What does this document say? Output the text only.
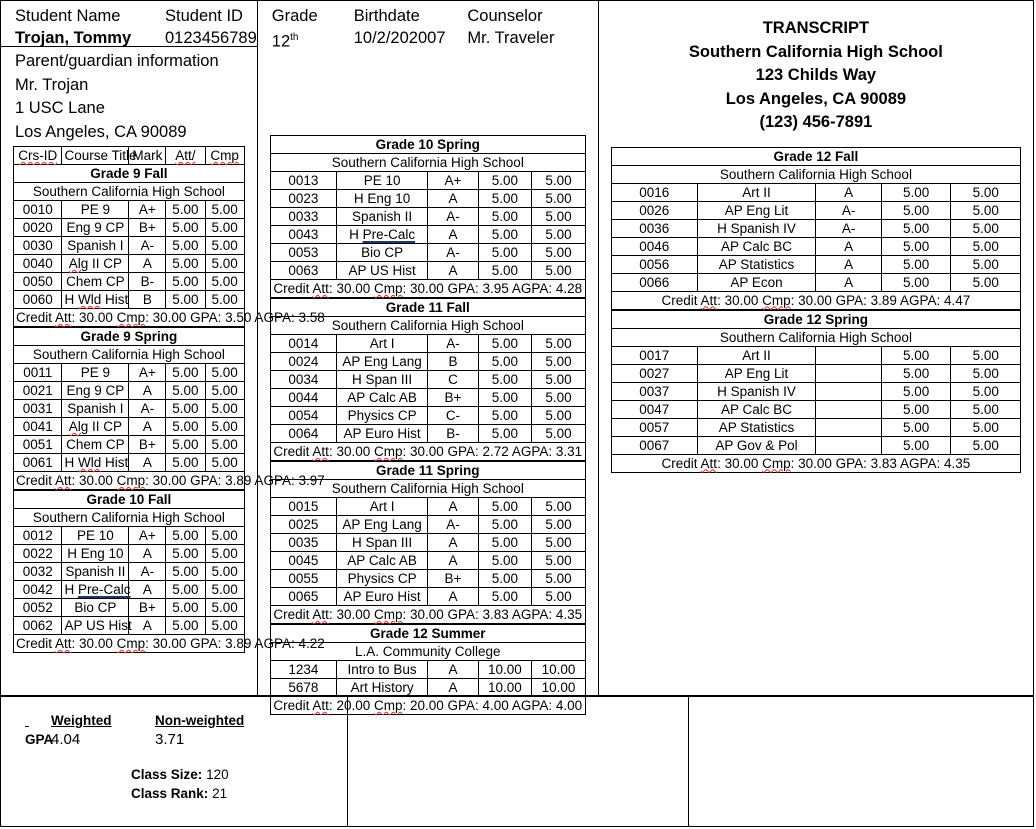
Student Name	Student ID
Trojan, Tommy	0123456789
Parent/guardian information
Mr. Trojan
1 USC Lane
Los Angeles, CA 90089
Crs-ID	Course Title	Mark	Att/	Cmp
Grade 9 Fall				
Southern California High School				
0010	PE 9	A+	5.00	5.00
0020	Eng 9 CP	B+	5.00	5.00
0030	Spanish I	A-	5.00	5.00
0040	Alg II CP	A	5.00	5.00
0050	Chem CP	B-	5.00	5.00
0060	H Wld Hist	B	5.00	5.00
Credit Att: 30.00 Cmp: 30.00 GPA: 3.50 AGPA: 3.58				
Grade 9 Spring				
Southern California High School				
0011	PE 9	A+	5.00	5.00
0021	Eng 9 CP	A	5.00	5.00
0031	Spanish I	A-	5.00	5.00
0041	Alg II CP	A	5.00	5.00
0051	Chem CP	B+	5.00	5.00
0061	H Wld Hist	A	5.00	5.00
Credit Att: 30.00 Cmp: 30.00 GPA: 3.89 AGPA: 3.97				
Grade 10 Fall				
Southern California High School				
0012	PE 10	A+	5.00	5.00
0022	H Eng 10	A	5.00	5.00
0032	Spanish II	A-	5.00	5.00
0042	H Pre-Calc	A	5.00	5.00
0052	Bio CP	B+	5.00	5.00
0062	AP US Hist	A	5.00	5.00
Credit Att: 30.00 Cmp: 30.00 GPA: 3.89 AGPA: 4.22				
Grade	Birthdate	Counselor
12th	10/2/202007	Mr. Traveler
Grade 10 Spring				
Southern California High School				
0013	PE 10	A+	5.00	5.00
0023	H Eng 10	A	5.00	5.00
0033	Spanish II	A-	5.00	5.00
0043	H Pre-Calc	A	5.00	5.00
0053	Bio CP	A-	5.00	5.00
0063	AP US Hist	A	5.00	5.00
Credit Att: 30.00 Cmp: 30.00 GPA: 3.95 AGPA: 4.28				
Grade 11 Fall				
Southern California High School				
0014	Art I	A-	5.00	5.00
0024	AP Eng Lang	B	5.00	5.00
0034	H Span III	C	5.00	5.00
0044	AP Calc AB	B+	5.00	5.00
0054	Physics CP	C-	5.00	5.00
0064	AP Euro Hist	B-	5.00	5.00
Credit Att: 30.00 Cmp: 30.00 GPA: 2.72 AGPA: 3.31				
Grade 11 Spring				
Southern California High School				
0015	Art I	A	5.00	5.00
0025	AP Eng Lang	A-	5.00	5.00
0035	H Span III	A	5.00	5.00
0045	AP Calc AB	A	5.00	5.00
0055	Physics CP	B+	5.00	5.00
0065	AP Euro Hist	A	5.00	5.00
Credit Att: 30.00 Cmp: 30.00 GPA: 3.83 AGPA: 4.35				
Grade 12 Summer				
L.A. Community College				
1234	Intro to Bus	A	10.00	10.00
5678	Art History	A	10.00	10.00
Credit Att: 20.00 Cmp: 20.00 GPA: 4.00 AGPA: 4.00				
TRANSCRIPT
Southern California High School
123 Childs Way
Los Angeles, CA 90089
(123) 456-7891
Grade 12 Fall				
Southern California High School				
0016	Art II	A	5.00	5.00
0026	AP Eng Lit	A-	5.00	5.00
0036	H Spanish IV	A-	5.00	5.00
0046	AP Calc BC	A	5.00	5.00
0056	AP Statistics	A	5.00	5.00
0066	AP Econ	A	5.00	5.00
Credit Att: 30.00 Cmp: 30.00 GPA: 3.89 AGPA: 4.47				
Grade 12 Spring				
Southern California High School				
0017	Art II		5.00	5.00
0027	AP Eng Lit		5.00	5.00
0037	H Spanish IV		5.00	5.00
0047	AP Calc BC		5.00	5.00
0057	AP Statistics		5.00	5.00
0067	AP Gov & Pol		5.00	5.00
Credit Att: 30.00 Cmp: 30.00 GPA: 3.83 AGPA: 4.35				

Weighted	Non-weighted
GPA
4.04	3.71
Class Size: 120
Class Rank: 21
